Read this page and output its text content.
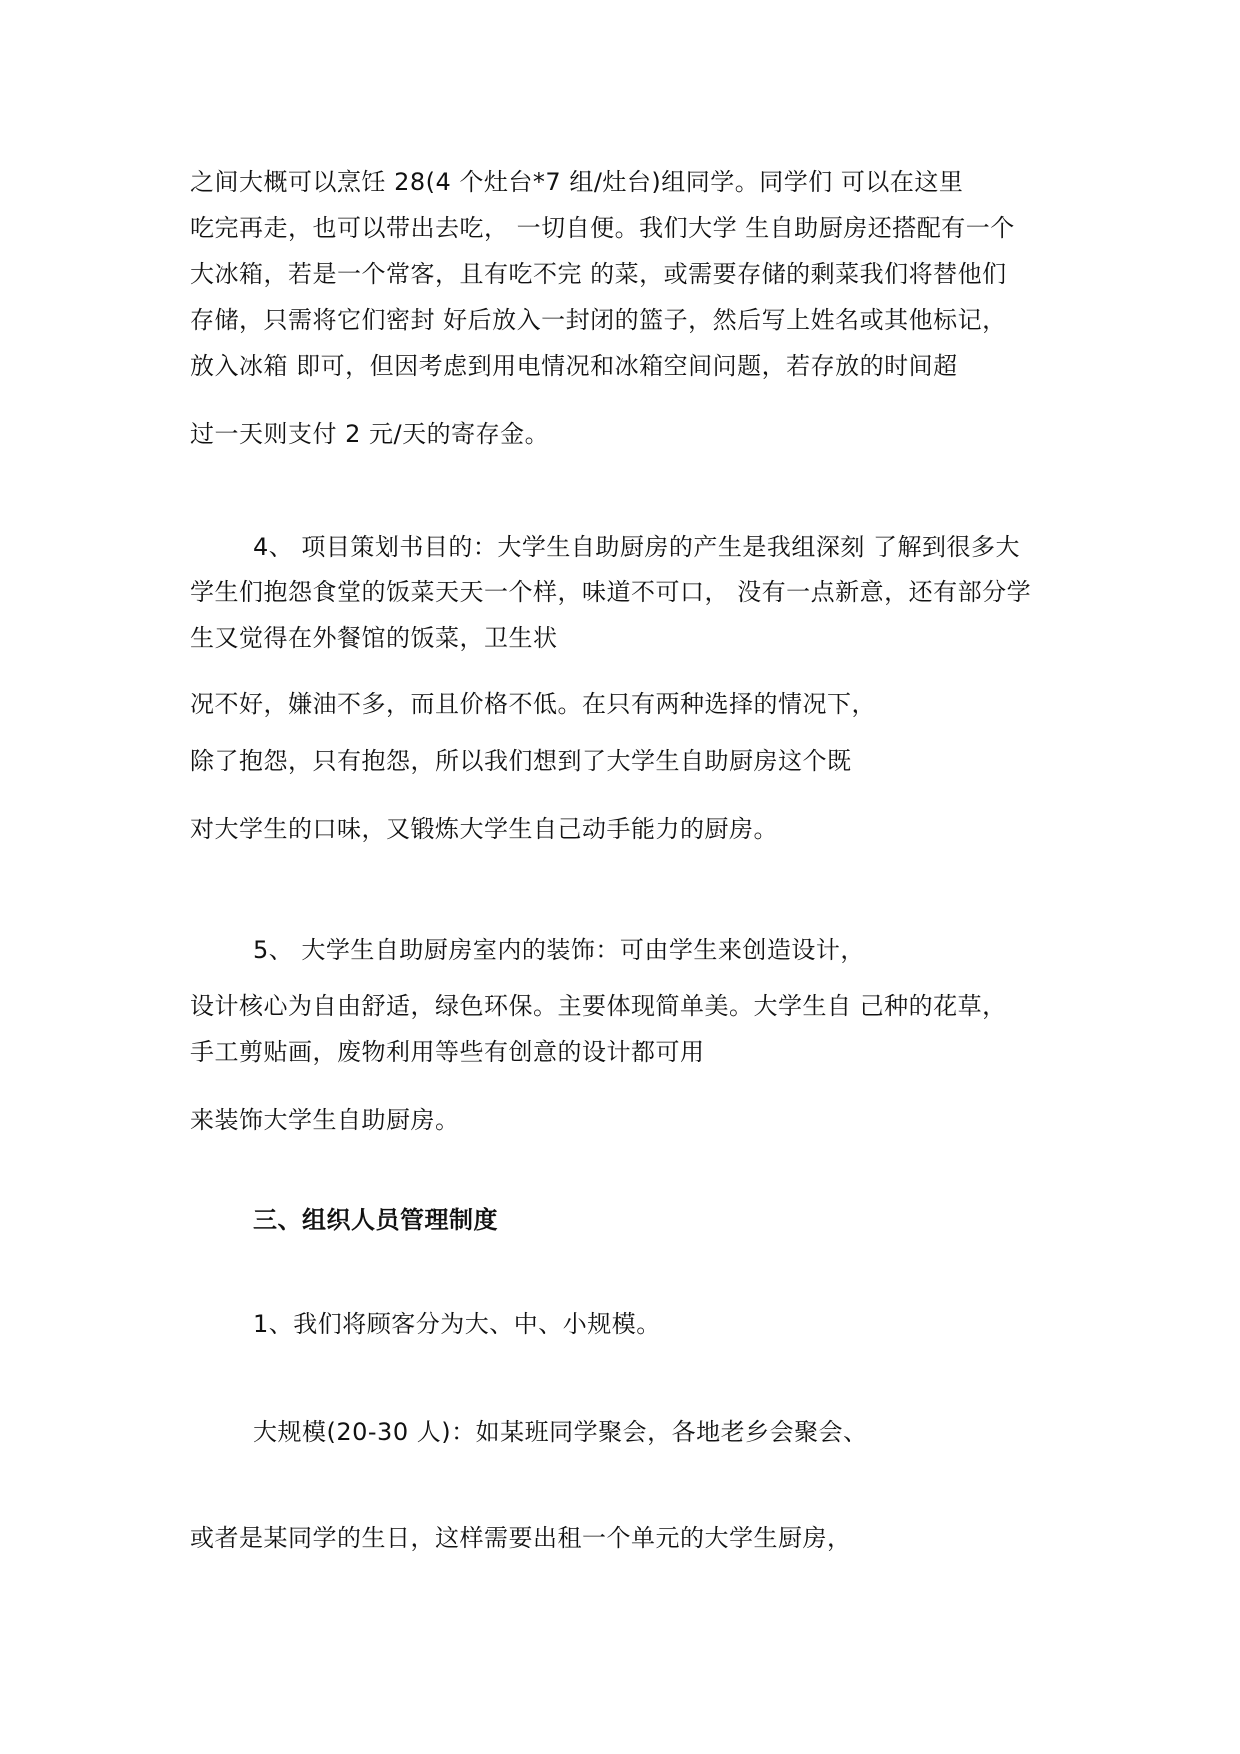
之间大概可以烹饪 28(4 个灶台*7 组/灶台)组同学。同学们 可以在这里
吃完再走，也可以带出去吃， 一切自便。我们大学 生自助厨房还搭配有一个
大冰箱，若是一个常客，且有吃不完 的菜，或需要存储的剩菜我们将替他们
存储，只需将它们密封 好后放入一封闭的篮子，然后写上姓名或其他标记，
放入冰箱 即可，但因考虑到用电情况和冰箱空间问题，若存放的时间超
过一天则支付 2 元/天的寄存金。
4、 项目策划书目的：大学生自助厨房的产生是我组深刻 了解到很多大
学生们抱怨食堂的饭菜天天一个样，味道不可口， 没有一点新意，还有部分学
生又觉得在外餐馆的饭菜，卫生状
况不好，嫌油不多，而且价格不低。在只有两种选择的情况下，
除了抱怨，只有抱怨，所以我们想到了大学生自助厨房这个既
对大学生的口味，又锻炼大学生自己动手能力的厨房。
5、 大学生自助厨房室内的装饰：可由学生来创造设计，
设计核心为自由舒适，绿色环保。主要体现简单美。大学生自 己种的花草，
手工剪贴画，废物利用等些有创意的设计都可用
来装饰大学生自助厨房。
三、组织人员管理制度
1、我们将顾客分为大、中、小规模。
大规模(20-30 人)：如某班同学聚会，各地老乡会聚会、
或者是某同学的生日，这样需要出租一个单元的大学生厨房，
